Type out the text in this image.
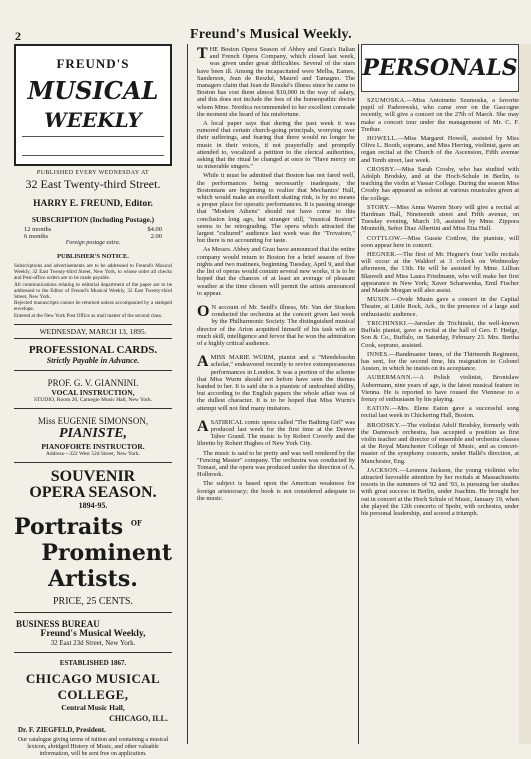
2	Freund's Musical Weekly.
FREUND'S
MUSICAL
WEEKLY
PUBLISHED EVERY WEDNESDAY AT
32 East Twenty-third Street.
HARRY E. FREUND, Editor.
SUBSCRIPTION (Including Postage.)
12 months	$4.00
6 months	2.00
Foreign postage extra.
PUBLISHER'S NOTICE.
Subscriptions and advertisements are to be addressed to Freund's Musical Weekly, 32 East Twenty-third Street, New York, to whose order all checks and Post-office orders are to be made payable.
All communications relating to editorial department of the paper are to be addressed to the Editor of Freund's Musical Weekly, 32 East Twenty-third Street, New York.
Rejected manuscripts cannot be returned unless accompanied by a stamped envelope.
Entered at the New York Post Office as mail matter of the second class.
WEDNESDAY, MARCH 13, 1895.
PROFESSIONAL CARDS.
Strictly Payable in Advance.
PROF. G. V. GIANNINI.
VOCAL INSTRUCTION,
STUDIO, Room 26, Carnegie Music Hall, New York.
Miss EUGENIE SIMONSON,
PIANISTE,
PIANOFORTE INSTRUCTOR.
Address—322 West 52d Street, New York.
SOUVENIR
OPERA SEASON.
1894-95.
Portraits $^{OF}$
Prominent
Artists.
PRICE, 25 CENTS.
BUSINESS BUREAU
Freund's Musical Weekly,
32 East 23d Street, New York.
ESTABLISHED 1867.
CHICAGO MUSICAL COLLEGE,
Central Music Hall,
CHICAGO, ILL.
Dr. F. ZIEGFELD, President.
Our catalogue giving terms of tuition and containing a musical lexicon, abridged History of Music, and other valuable information, will be sent free on application.

THE Boston Opera Season of Abbey and Grau's Italian and French Opera Company, which closed last week, was given under great difficulties. Several of the stars have been ill. Among the incapacitated were Melba, Eames, Sanderson, Jean de Reszké, Maurel and Tamagno. The managers claim that Jean de Reszké's illness since he came to Boston has cost them almost $10,000 in the way of salary, and this does not include the fees of the homeopathic doctor whom Mme. Nordica recommended to her excellent comrade the moment she heard of his misfortune.

A local paper says that during the past week it was rumored that certain church-going principals, worrying over their sufferings, and fearing that there would no longer be music in their voices, if not prayerfully and promptly attended to, vocalized a petition to the clerical authorities, asking that the ritual be changed at once to "Have mercy on us miserable singers."

While it must be admitted that Boston has not fared well, the performances being necessarily inadequate, the Bostonians are beginning to realize that Mechanics' Hall, which would make an excellent skating rink, is by no means a proper place for operatic performances. It is passing strange that "Modern Athens" should not have come to this conclusion long ago, but stranger still, "musical Boston" seems to be retrograding. The opera which attracted the largest "cultured" audience last week was the "Trovatore," but there is no accounting for taste.

As Messrs. Abbey and Grau have announced that the entire company would return to Boston for a brief season of five nights and two matinees, beginning Tuesday, April 9, and that the list of operas would contain several new works, it is to be hoped that the chances of at least an average of pleasant weather at the time chosen will permit the artists announced to appear.

O N account of Mr. Seidl's illness, Mr. Van der Stucken conducted the orchestra at the concert given last week by the Philharmonic Society. The distinguished musical director of the Arion acquitted himself of his task with so much skill, intelligence and fervor that he won the admiration of a highly critical audience.

A MISS MARIE WURM, pianist and a "Mendelssohn scholar," endeavored recently to revive extemporaneous performances in London. It was a portion of the scheme that Miss Wurm should not before have seen the themes handed to her. It is said she is a pianiste of undoubted ability, but according to the English papers the whole affair was of the dullest character. It is to be hoped that Miss Wurm's attempt will not find many imitators.

A SATIRICAL comic opera called "The Bathing Girl" was produced last week for the first time at the Denver Tabor Grand. The music is by Robert Coverly and the libretto by Robert Hughes of New York City.

The music is said to be pretty and was well rendered by the "Fencing Master" company. The orchestra was conducted by Tomasi, and the opera was produced under the direction of A. Holbrook.

The subject is based upon the American weakness for foreign aristocracy; the book is not considered adequate to the music.

PERSONALS

SZUMOSKA.—Miss Antoinette Szumoska, a favorite pupil of Paderewski, who came over on the Gascogne recently, will give a concert on the 27th of March. She may make a concert tour under the management of Mr. C. F. Tretbar.

HOWELL.—Miss Margaret Howell, assisted by Miss Olive L. Booth, soprano, and Miss Herring, violinist, gave an organ recital at the Church of the Ascension, Fifth avenue and Tenth street, last week.

CROSBY.—Miss Sarah Crosby, who has studied with Adolph Brodsky, and at the Hoch-Schule in Berlin, is teaching the violin at Vassar College. During the season Miss Crosby has appeared as soloist at various musicales given at the college.

STORY.—Miss Anna Warren Story will give a recital at Hardman Hall, Nineteenth street and Fifth avenue, on Tuesday evening, March 19, assisted by Mme. Zippora Monteith, Señor Diaz Albertini and Miss Etta Hull.

COTTLOW.—Miss Gussie Cottlow, the pianiste, will soon appear here in concert.

HEGNER.—The first of Mr. Hegner's four 'cello recitals will occur at the Waldorf at 3 o'clock on Wednesday afternoon, the 13th. He will be assisted by Mme. Lillian Blauvelt and Miss Laura Friedmann, who will make her first appearance in New York; Xaver Scharwenka, Emil Fischer and Maude Morgan will also assist.

MUSIN.—Ovide Musin gave a concert in the Capital Theatre, at Little Rock, Ark., in the presence of a large and enthusiastic audience.

TRICHINSKI.—Jaroslav de Trichinski, the well-known Buffalo pianist, gave a recital at the hall of Geo. F. Hedge, Son & Co., Buffalo, on Saturday, February 23. Mrs. Bertha Cook, soprano, assisted.

INNES.—Bandmaster Innes, of the Thirteenth Regiment, has sent, for the second time, his resignation to Colonel Austen, in which he insists on its acceptance.

AUBERMANN.—A Polish violinist, Bronislaw Aubermann, nine years of age, is the latest musical feature in Vienna. He is reported to have roused the Viennese to a frenzy of enthusiasm by his playing.

EATON.—Mrs. Elene Eaton gave a successful song recital last week in Chickering Hall, Boston.

BRODSKY.—The violinist Adolf Brodsky, formerly with the Damrosch orchestra, has accepted a position as first violin teacher and director of ensemble and orchestra classes at the Royal Manchester College of Music, and as concert-master of the symphony concerts, under Hallé's direction, at Manchester, Eng.

JACKSON.—Leonora Jackson, the young violinist who attracted favorable attention by her recitals at Massachusetts resorts in the summers of '92 and '93, is pursuing her studies with great success in Berlin, under Joachim. He brought her out in concert at the Hoch Schule of Music, January 19, when she played the 12th concerto of Spohr, with orchestra, under his personal leadership, and scored a triumph.
